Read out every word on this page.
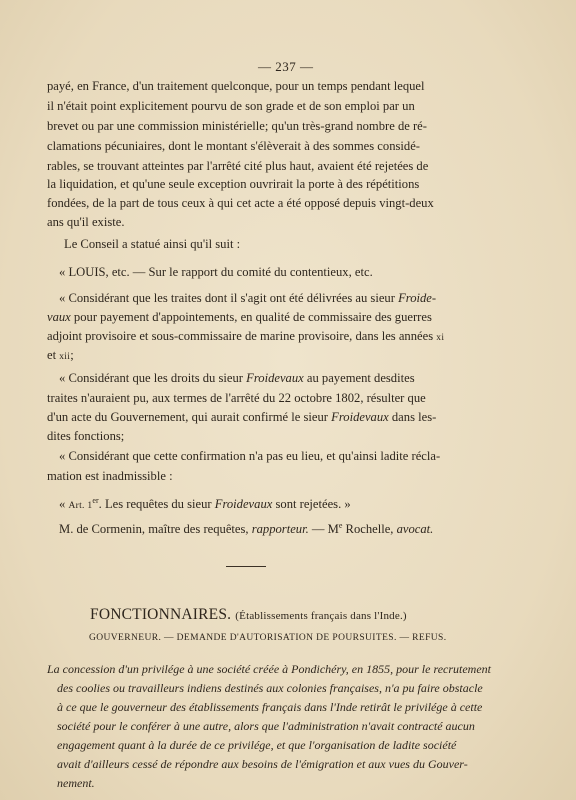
— 237 —
payé, en France, d'un traitement quelconque, pour un temps pendant lequel
il n'était point explicitement pourvu de son grade et de son emploi par un
brevet ou par une commission ministérielle; qu'un très-grand nombre de ré-
clamations pécuniaires, dont le montant s'élèverait à des sommes considé-
rables, se trouvant atteintes par l'arrêté cité plus haut, avaient été rejetées de
la liquidation, et qu'une seule exception ouvrirait la porte à des répétitions
fondées, de la part de tous ceux à qui cet acte a été opposé depuis vingt-deux
ans qu'il existe.
Le Conseil a statué ainsi qu'il suit :
« LOUIS, etc. — Sur le rapport du comité du contentieux, etc.
« Considérant que les traites dont il s'agit ont été délivrées au sieur Froide-
vaux pour payement d'appointements, en qualité de commissaire des guerres
adjoint provisoire et sous-commissaire de marine provisoire, dans les années xi
et xii;
« Considérant que les droits du sieur Froidevaux au payement desdites
traites n'auraient pu, aux termes de l'arrêté du 22 octobre 1802, résulter que
d'un acte du Gouvernement, qui aurait confirmé le sieur Froidevaux dans les-
dites fonctions;
« Considérant que cette confirmation n'a pas eu lieu, et qu'ainsi ladite récla-
mation est inadmissible :
« Art. 1er. Les requêtes du sieur Froidevaux sont rejetées. »
M. de Cormenin, maître des requêtes, rapporteur. — Me Rochelle, avocat.
FONCTIONNAIRES. (Établissements français dans l'Inde.)
GOUVERNEUR. — DEMANDE D'AUTORISATION DE POURSUITES. — REFUS.
La concession d'un privilége à une société créée à Pondichéry, en 1855, pour le recrutement
des coolies ou travailleurs indiens destinés aux colonies françaises, n'a pu faire obstacle
à ce que le gouverneur des établissements français dans l'Inde retirât le privilége à cette
société pour le conférer à une autre, alors que l'administration n'avait contracté aucun
engagement quant à la durée de ce privilége, et que l'organisation de ladite société
avait d'ailleurs cessé de répondre aux besoins de l'émigration et aux vues du Gouver-
nement.
